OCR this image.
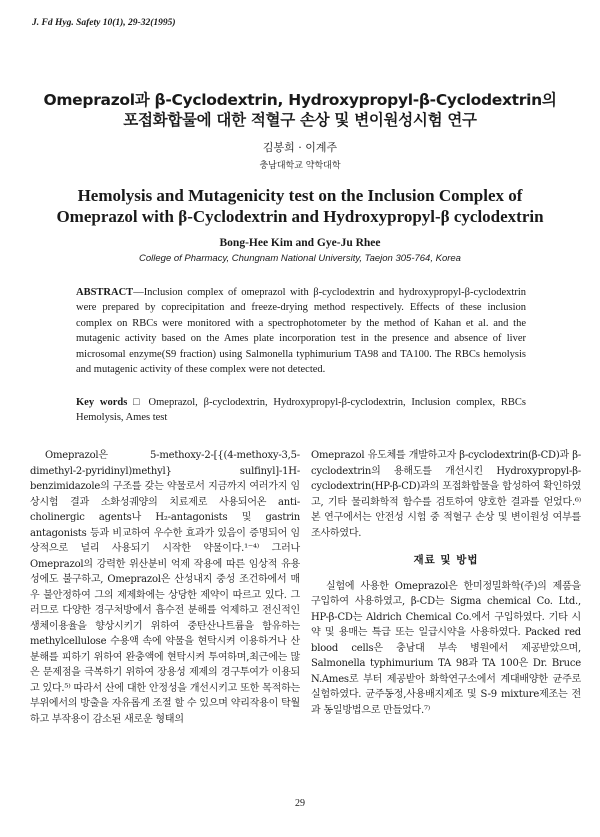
J. Fd Hyg. Safety 10(1), 29-32(1995)
Omeprazol과 β-Cyclodextrin, Hydroxypropyl-β-Cyclodextrin의
포접화합물에 대한 적혈구 손상 및 변이원성시험 연구
김봉희 · 이계주
충남대학교 약학대학
Hemolysis and Mutagenicity test on the Inclusion Complex of
Omeprazol with β-Cyclodextrin and Hydroxypropyl-β cyclodextrin
Bong-Hee Kim and Gye-Ju Rhee
College of Pharmacy, Chungnam National University, Taejon 305-764, Korea
ABSTRACT—Inclusion complex of omeprazol with β-cyclodextrin and hydroxypropyl-β-cyclodextrin were prepared by coprecipitation and freeze-drying method respectively. Effects of these inclusion complex on RBCs were monitored with a spectrophotometer by the method of Kahan et al. and the mutagenic activity based on the Ames plate incorporation test in the presence and absence of liver microsomal enzyme(S9 fraction) using Salmonella typhimurium TA98 and TA100. The RBCs hemolysis and mutagenic activity of these complex were not detected.
Key words □ Omeprazol, β-cyclodextrin, Hydroxypropyl-β-cyclodextrin, Inclusion complex, RBCs Hemolysis, Ames test

Omeprazol은 5-methoxy-2-[{(4-methoxy-3,5-dimethyl-2-pyridinyl)methyl} sulfinyl]-1H-benzimidazole의 구조를 갖는 약물로서 지금까지 여러가지 임상시험 결과 소화성궤양의 치료제로 사용되어온 anti-cholinergic agents나 H₂-antagonists 및 gastrin antagonists 등과 비교하여 우수한 효과가 있음이 증명되어 임상적으로 널리 사용되기 시작한 약물이다.¹⁻⁴⁾ 그러나 Omeprazol의 강력한 위산분비 억제 작용에 따른 임상적 유용성에도 불구하고, Omeprazol은 산성내지 중성 조건하에서 매우 불안정하여 그의 제제화에는 상당한 제약이 따르고 있다. 그러므로 다양한 경구처방에서 흡수전 분해를 억제하고 전신적인 생체이용율을 향상시키기 위하여 중탄산나트륨을 함유하는 methylcellulose 수용액 속에 약물을 현탁시켜 이용하거나 산분해를 피하기 위하여 완충액에 현탁시켜 투여하며,최근에는 많은 문제점을 극복하기 위하여 장용성 제제의 경구투여가 이용되고 있다.⁵⁾ 따라서 산에 대한 안정성을 개선시키고 또한 목적하는 부위에서의 방출을 자유롭게 조절 할 수 있으며 약리작용이 탁월하고 부작용이 감소된 새로운 형태의

Omeprazol 유도체를 개발하고자 β-cyclodextrin(β-CD)과 β-cyclodextrin의 용해도를 개선시킨 Hydroxypropyl-β-cyclodextrin(HP-β-CD)과의 포접화합물을 합성하여 확인하였고, 기타 물리화학적 함수를 검토하여 양호한 결과를 얻었다.⁶⁾ 본 연구에서는 안전성 시험 중 적혈구 손상 및 변이원성 여부를 조사하였다.

재료 및 방법

실험에 사용한 Omeprazol은 한미정밀화학(주)의 제품을 구입하여 사용하였고, β-CD는 Sigma chemical Co. Ltd., HP-β-CD는 Aldrich Chemical Co.에서 구입하였다. 기타 시약 및 용매는 특급 또는 일급시약을 사용하였다. Packed red blood cells은 충남대 부속 병원에서 제공받았으며, Salmonella typhimurium TA 98과 TA 100은 Dr. Bruce N.Ames로 부터 제공받아 화학연구소에서 계대배양한 균주로 실험하였다. 균주동정,사용배지제조 및 S-9 mixture제조는 전과 동일방법으로 만들었다.⁷⁾

29
